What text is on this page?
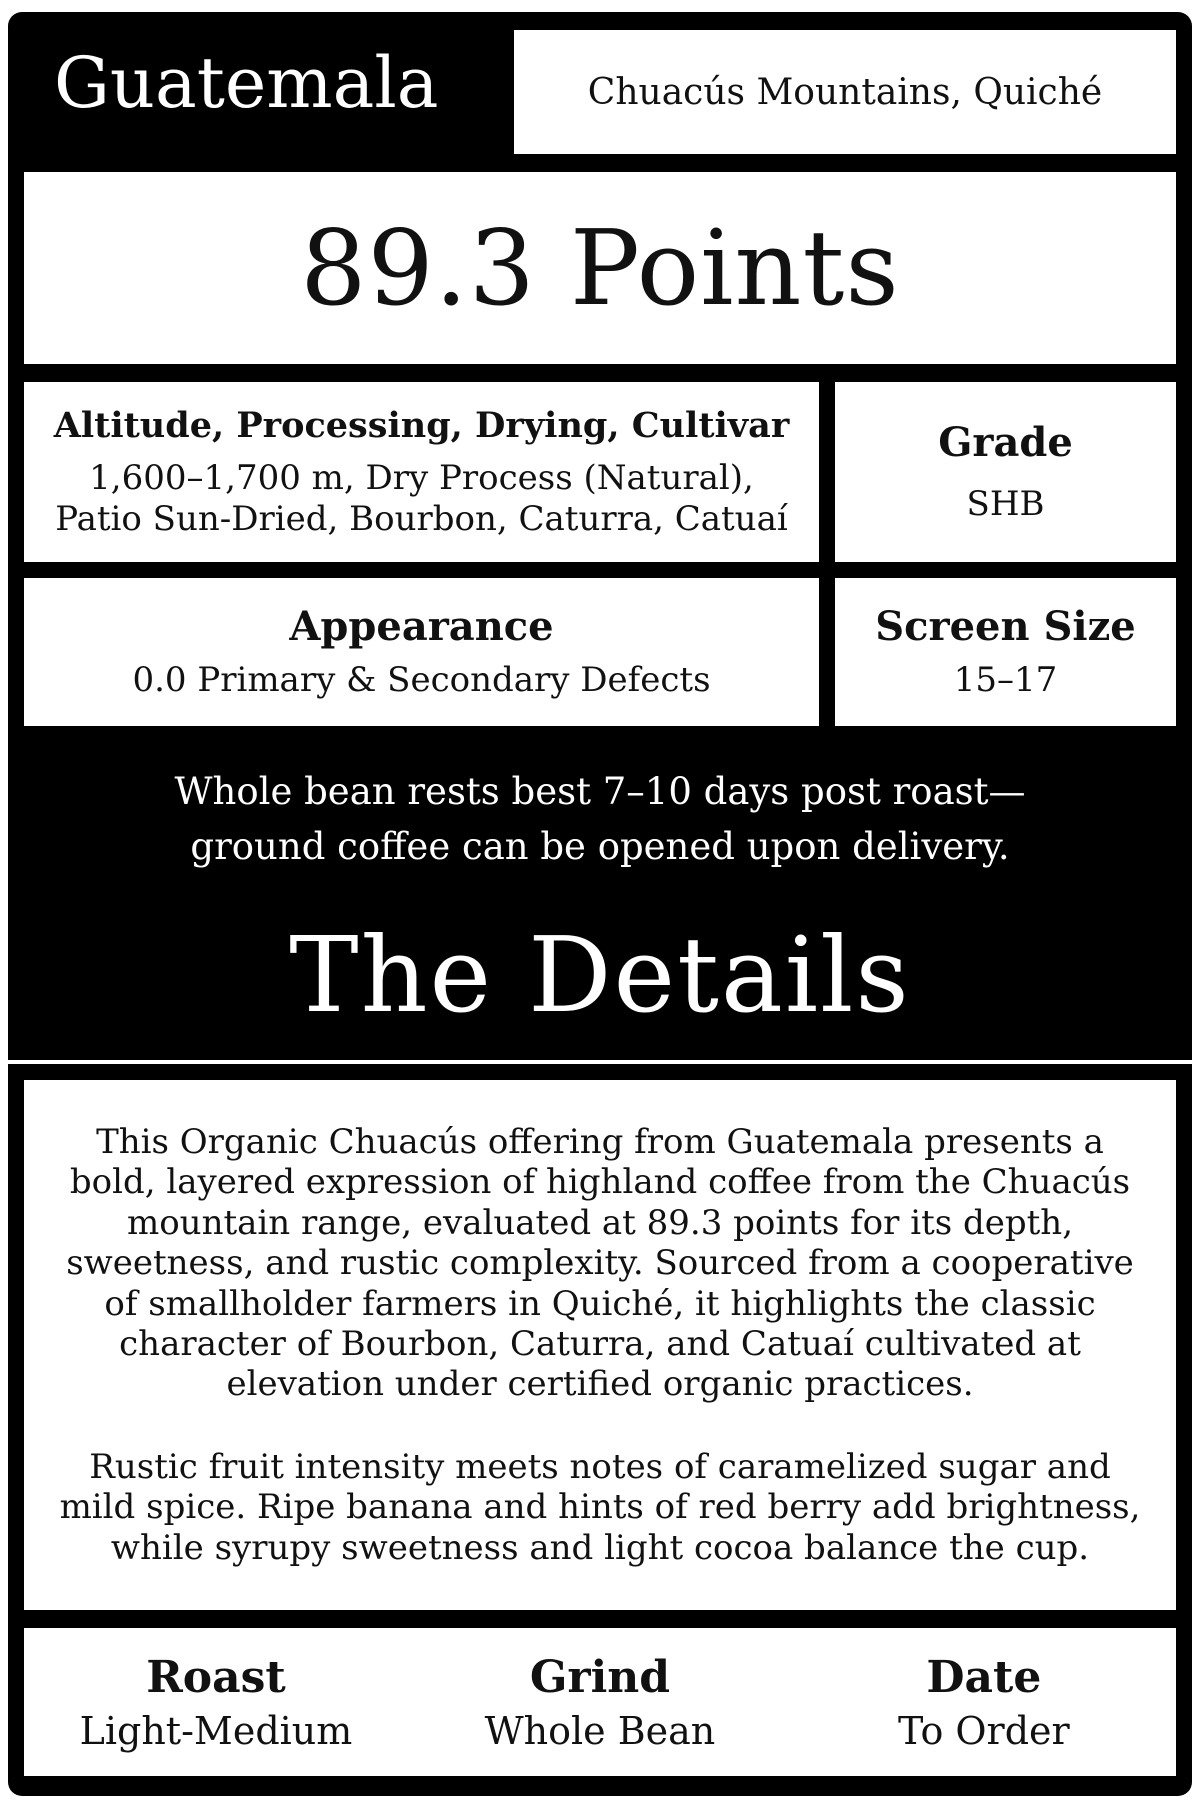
Guatemala	Chuacús Mountains, Quiché
89.3 Points
Altitude, Processing, Drying, Cultivar
1,600–1,700 m, Dry Process (Natural),
Patio Sun-Dried, Bourbon, Caturra, Catuaí
Grade
SHB
Appearance
0.0 Primary & Secondary Defects
Screen Size
15–17
Whole bean rests best 7–10 days post roast—
ground coffee can be opened upon delivery.
The Details

This Organic Chuacús offering from Guatemala presents a bold, layered expression of highland coffee from the Chuacús mountain range, evaluated at 89.3 points for its depth, sweetness, and rustic complexity. Sourced from a cooperative of smallholder farmers in Quiché, it highlights the classic character of Bourbon, Caturra, and Catuaí cultivated at elevation under certified organic practices.

Rustic fruit intensity meets notes of caramelized sugar and mild spice. Ripe banana and hints of red berry add brightness, while syrupy sweetness and light cocoa balance the cup.

Roast
Light-Medium
Grind
Whole Bean
Date
To Order
